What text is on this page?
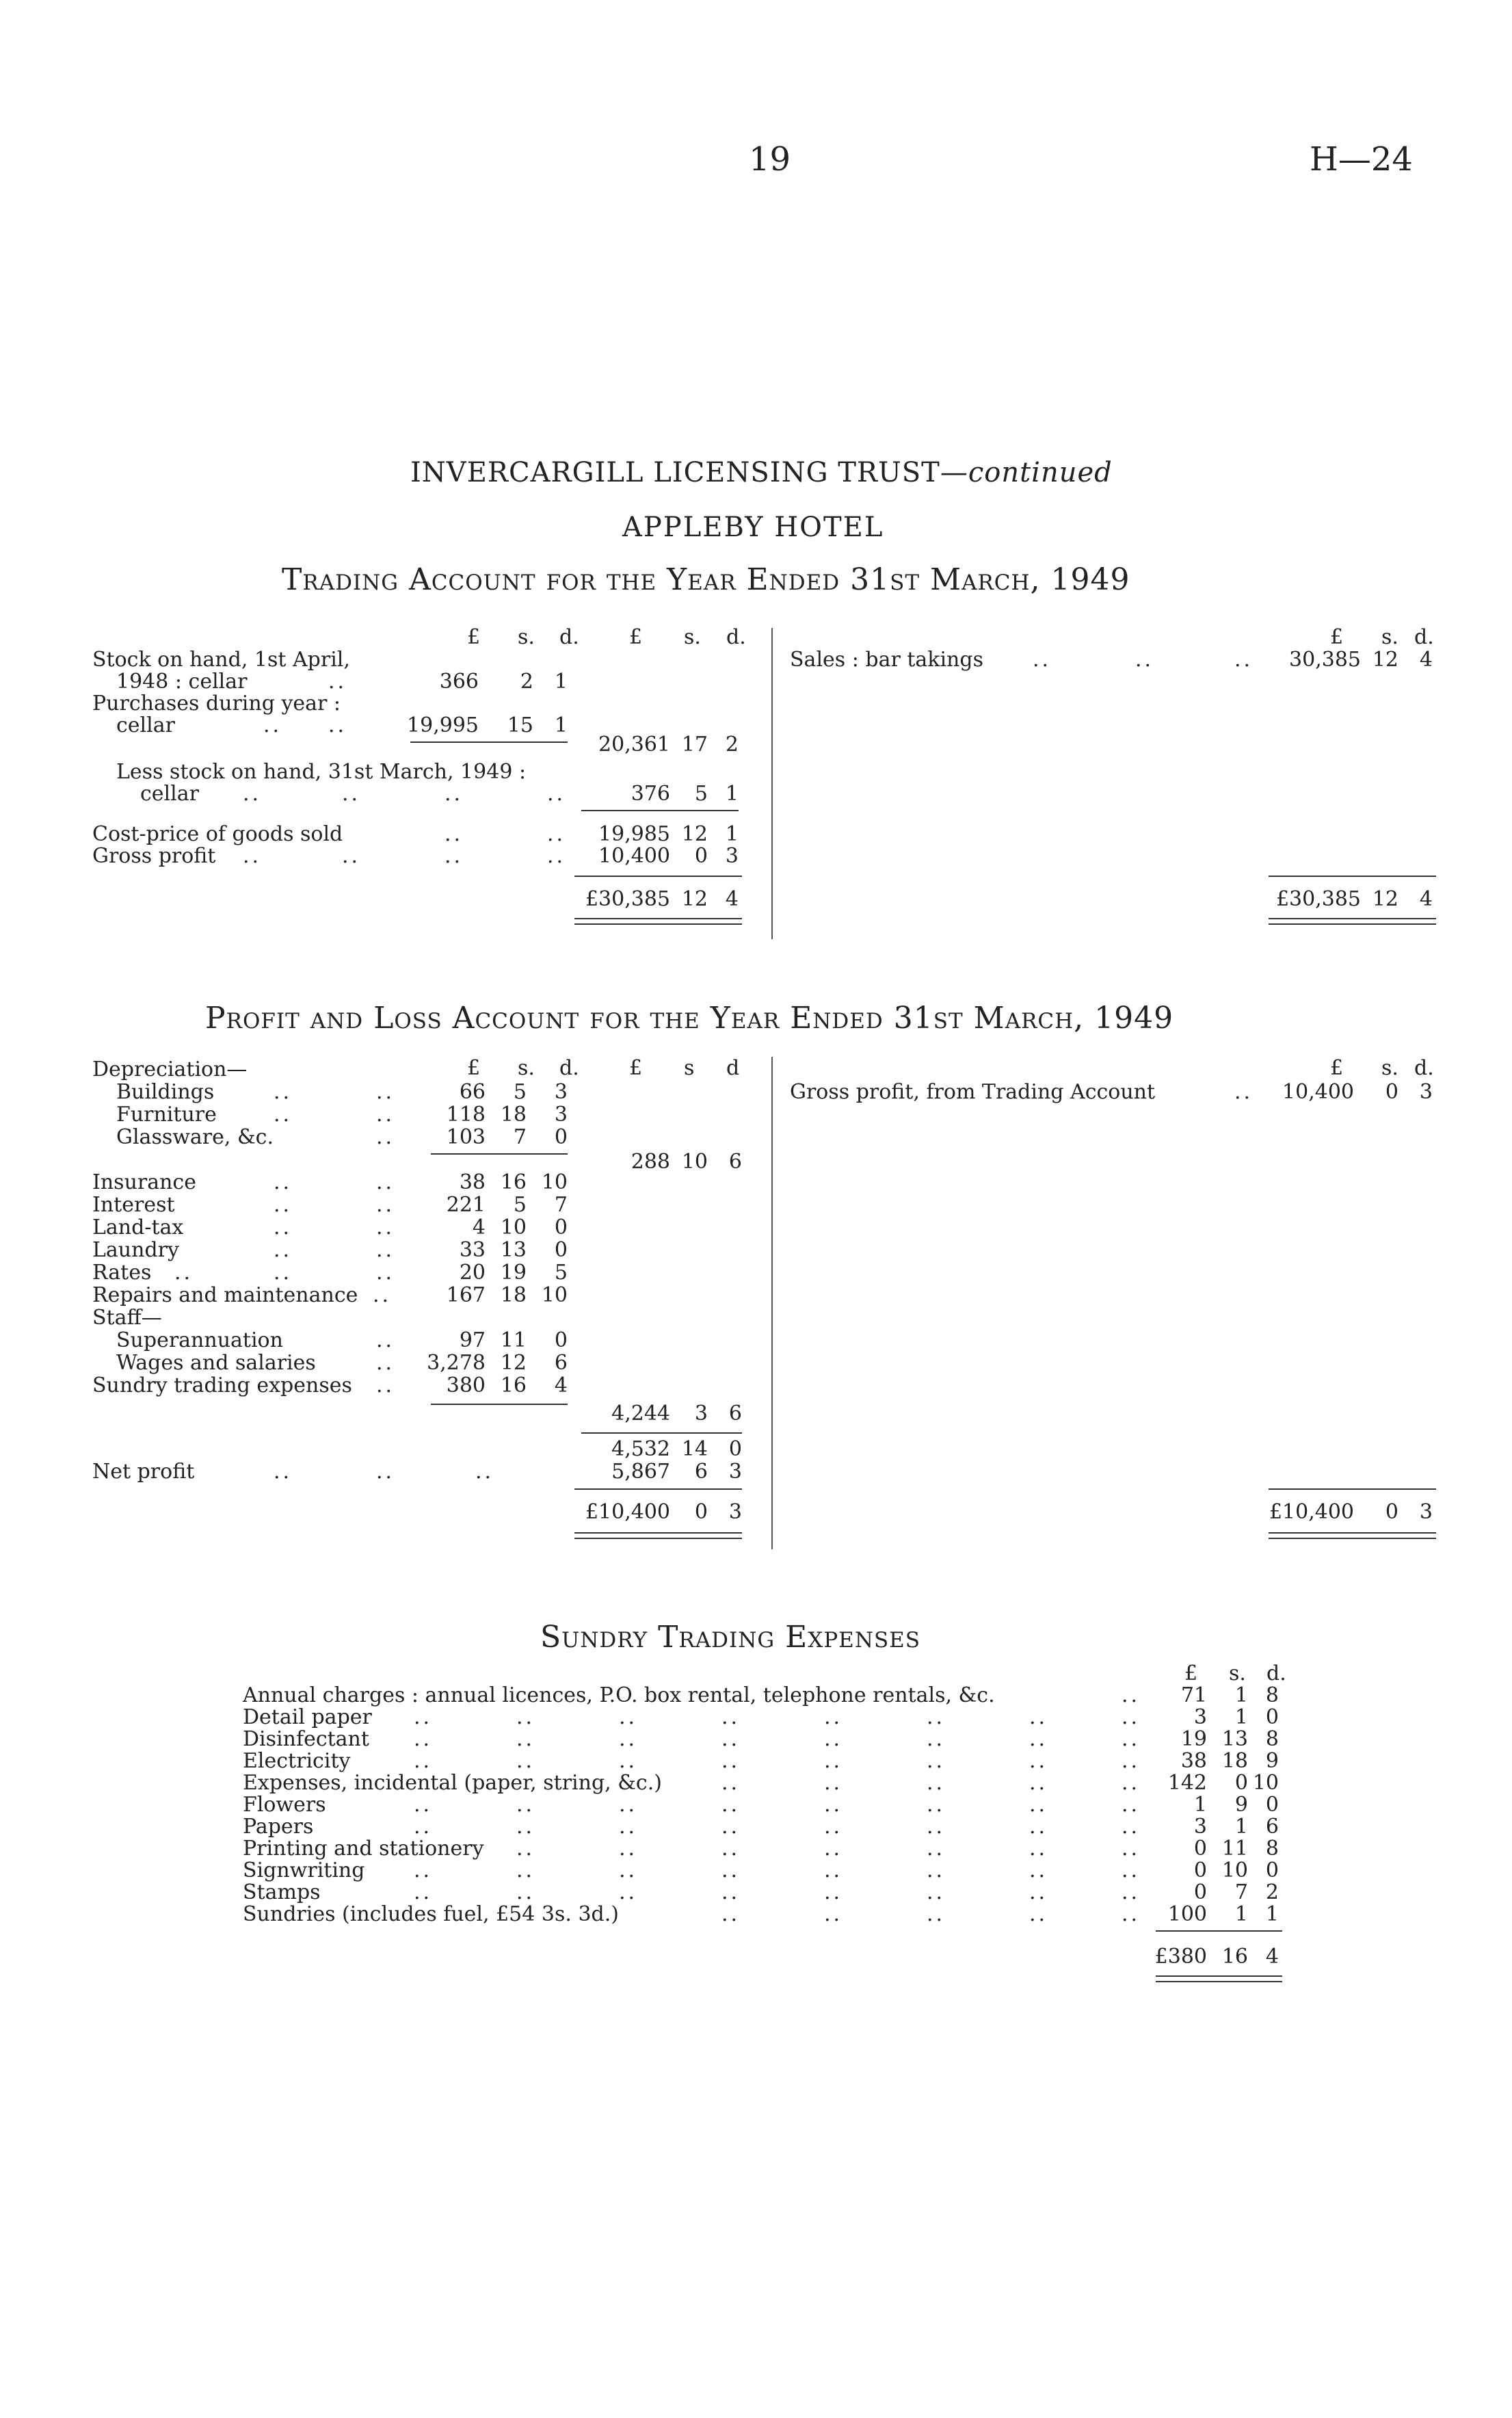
19	H—24
INVERCARGILL LICENSING TRUST—continued
APPLEBY HOTEL
Trading Account for the Year Ended 31st March, 1949
£ s. d. £ s. d.	£ s. d.
Stock on hand, 1st April,
1948 : cellar	..	366	2	1
Purchases during year :
cellar	.. ..	19,995 15	1
20,361 17 2
Less stock on hand, 31st March, 1949 :
cellar ..	..	..	..	376	5 1
Cost-price of goods sold	..	..	19,985 12 1
Gross profit ..	..	..	..	10,400	0 3
£30,385 12 4
Sales : bar takings ..	..	..	30,385 12	4
£30,385 12	4
Profit and Loss Account for the Year Ended 31st March, 1949
£ s. d. £ s d	£ s. d.
Depreciation—
Buildings	..	..	66	5	3
Furniture	..	..	118 18	3
Glassware, &c.	..	103	7	0
288 10	6
Insurance	..	..	38 16 10
Interest	..	..	221	5	7
Land-tax	..	..	4 10	0
Laundry	..	..	33 13	0
Rates ..	..	..	20 19	5
Repairs and maintenance ..	167 18 10
Staff—
Superannuation	..	97 11	0
Wages and salaries	..	3,278 12	6
Sundry trading expenses ..	380 16	4
4,244	3	6
4,532 14	0
Net profit	..	..	..	5,867	6	3
£10,400	0	3
Gross profit, from Trading Account	..	10,400	0	3
£10,400	0	3
Sundry Trading Expenses
£ s. d.
Annual charges : annual licences, P.O. box rental, telephone rentals, &c.	..	71	1 8
Detail paper ..	..	..	..	..	..	..	..	3	1 0
Disinfectant ..	..	..	..	..	..	..	..	19 13 8
Electricity	..	..	..	..	..	..	..	..	38 18 9
Expenses, incidental (paper, string, &c.)	..	..	..	..	.. 142	0 10
Flowers	..	..	..	..	..	..	..	..	1	9 0
Papers	..	..	..	..	..	..	..	..	3	1 6
Printing and stationery ..	..	..	..	..	..	..	0 11 8
Signwriting ..	..	..	..	..	..	..	..	0 10 0
Stamps	..	..	..	..	..	..	..	..	0	7 2
Sundries (includes fuel, £54 3s. 3d.)	..	..	..	..	.. 100	1 1
£380 16 4
